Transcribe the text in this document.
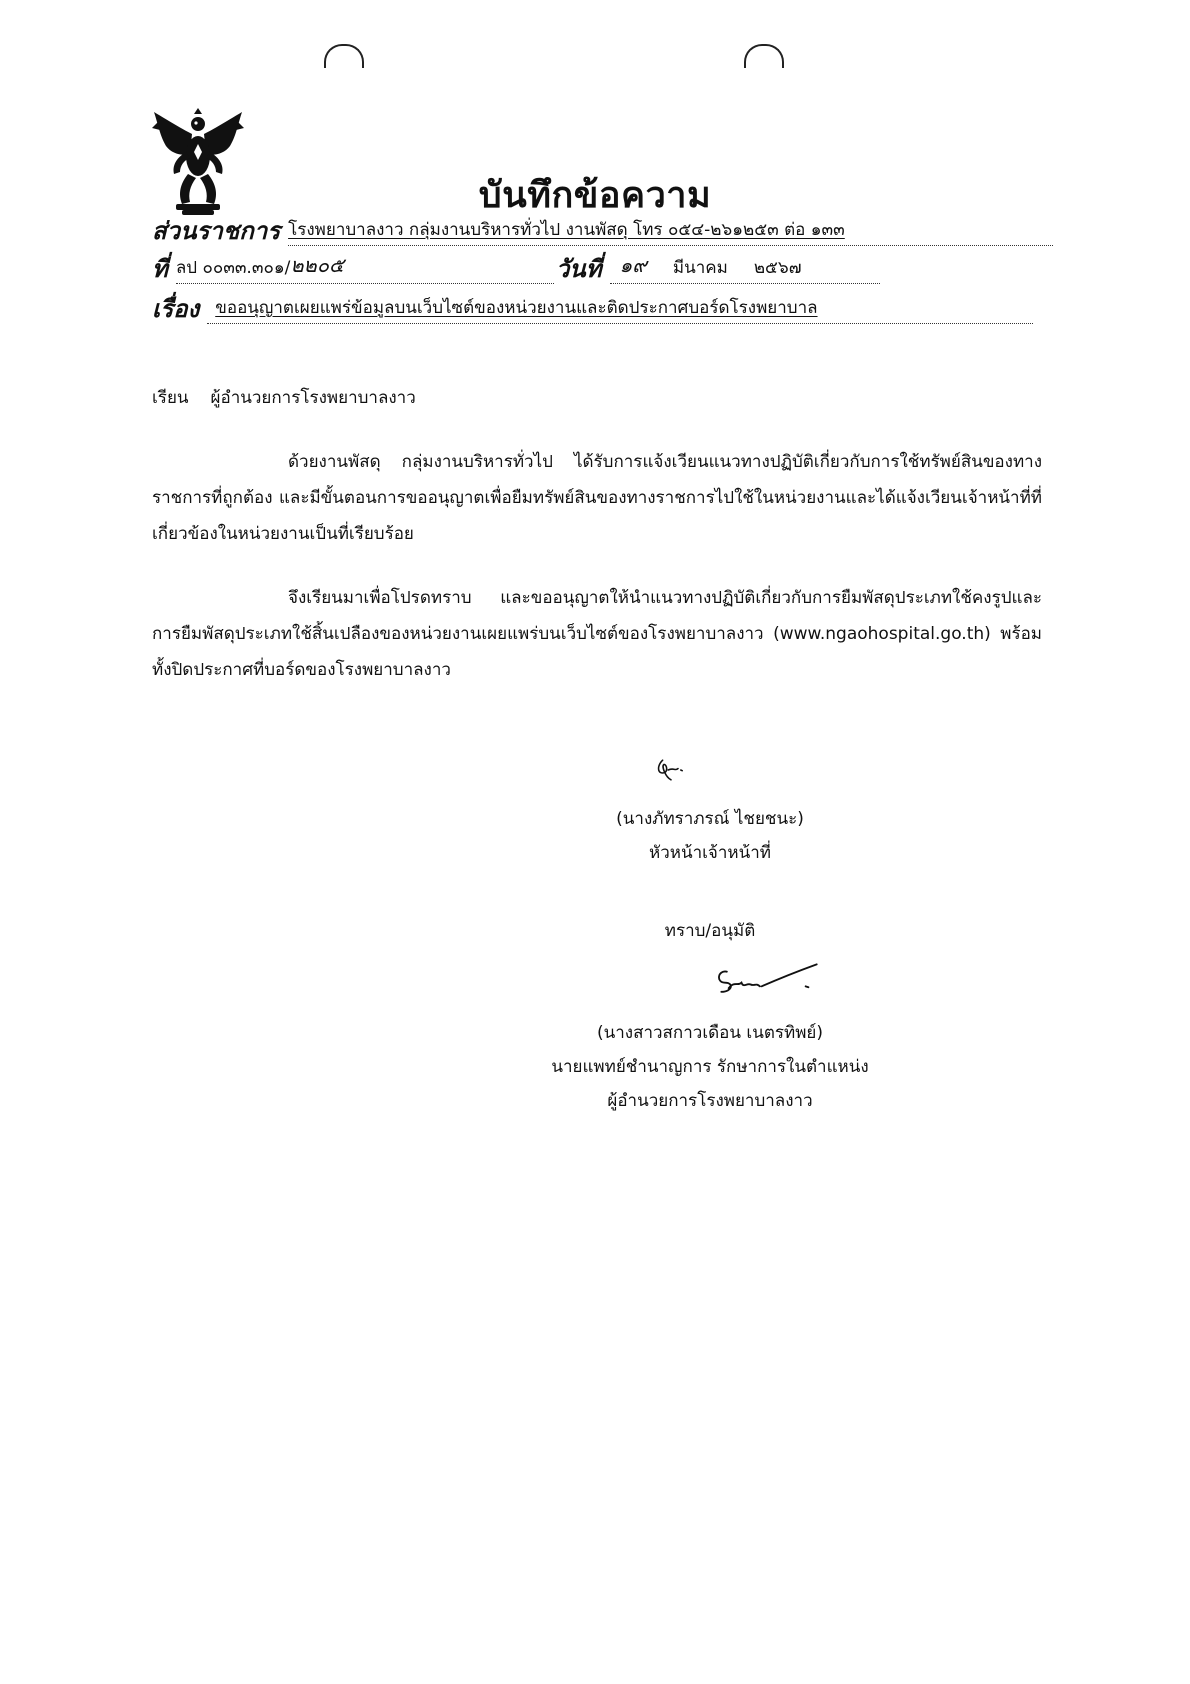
บันทึกข้อความ
ส่วนราชการ โรงพยาบาลงาว กลุ่มงานบริหารทั่วไป งานพัสดุ โทร ๐๕๔-๒๖๑๒๕๓ ต่อ ๑๓๓
ที่ ลป ๐๐๓๓.๓๐๑/ ๒๒๐๕	วันที่ ๑๙ มีนาคม ๒๕๖๗
เรื่อง ขออนุญาตเผยแพร่ข้อมูลบนเว็บไซต์ของหน่วยงานและติดประกาศบอร์ดโรงพยาบาล
เรียน ผู้อำนวยการโรงพยาบาลงาว
ด้วยงานพัสดุ กลุ่มงานบริหารทั่วไป ได้รับการแจ้งเวียนแนวทางปฏิบัติเกี่ยวกับการใช้ทรัพย์สินของทางราชการที่ถูกต้อง และมีขั้นตอนการขออนุญาตเพื่อยืมทรัพย์สินของทางราชการไปใช้ในหน่วยงานและได้แจ้งเวียนเจ้าหน้าที่ที่เกี่ยวข้องในหน่วยงานเป็นที่เรียบร้อย
จึงเรียนมาเพื่อโปรดทราบ และขออนุญาตให้นำแนวทางปฏิบัติเกี่ยวกับการยืมพัสดุประเภทใช้คงรูปและการยืมพัสดุประเภทใช้สิ้นเปลืองของหน่วยงานเผยแพร่บนเว็บไซต์ของโรงพยาบาลงาว (www.ngaohospital.go.th) พร้อมทั้งปิดประกาศที่บอร์ดของโรงพยาบาลงาว
(นางภัทราภรณ์ ไชยชนะ)
หัวหน้าเจ้าหน้าที่
ทราบ/อนุมัติ
(นางสาวสกาวเดือน เนตรทิพย์)
นายแพทย์ชำนาญการ รักษาการในตำแหน่ง
ผู้อำนวยการโรงพยาบาลงาว
